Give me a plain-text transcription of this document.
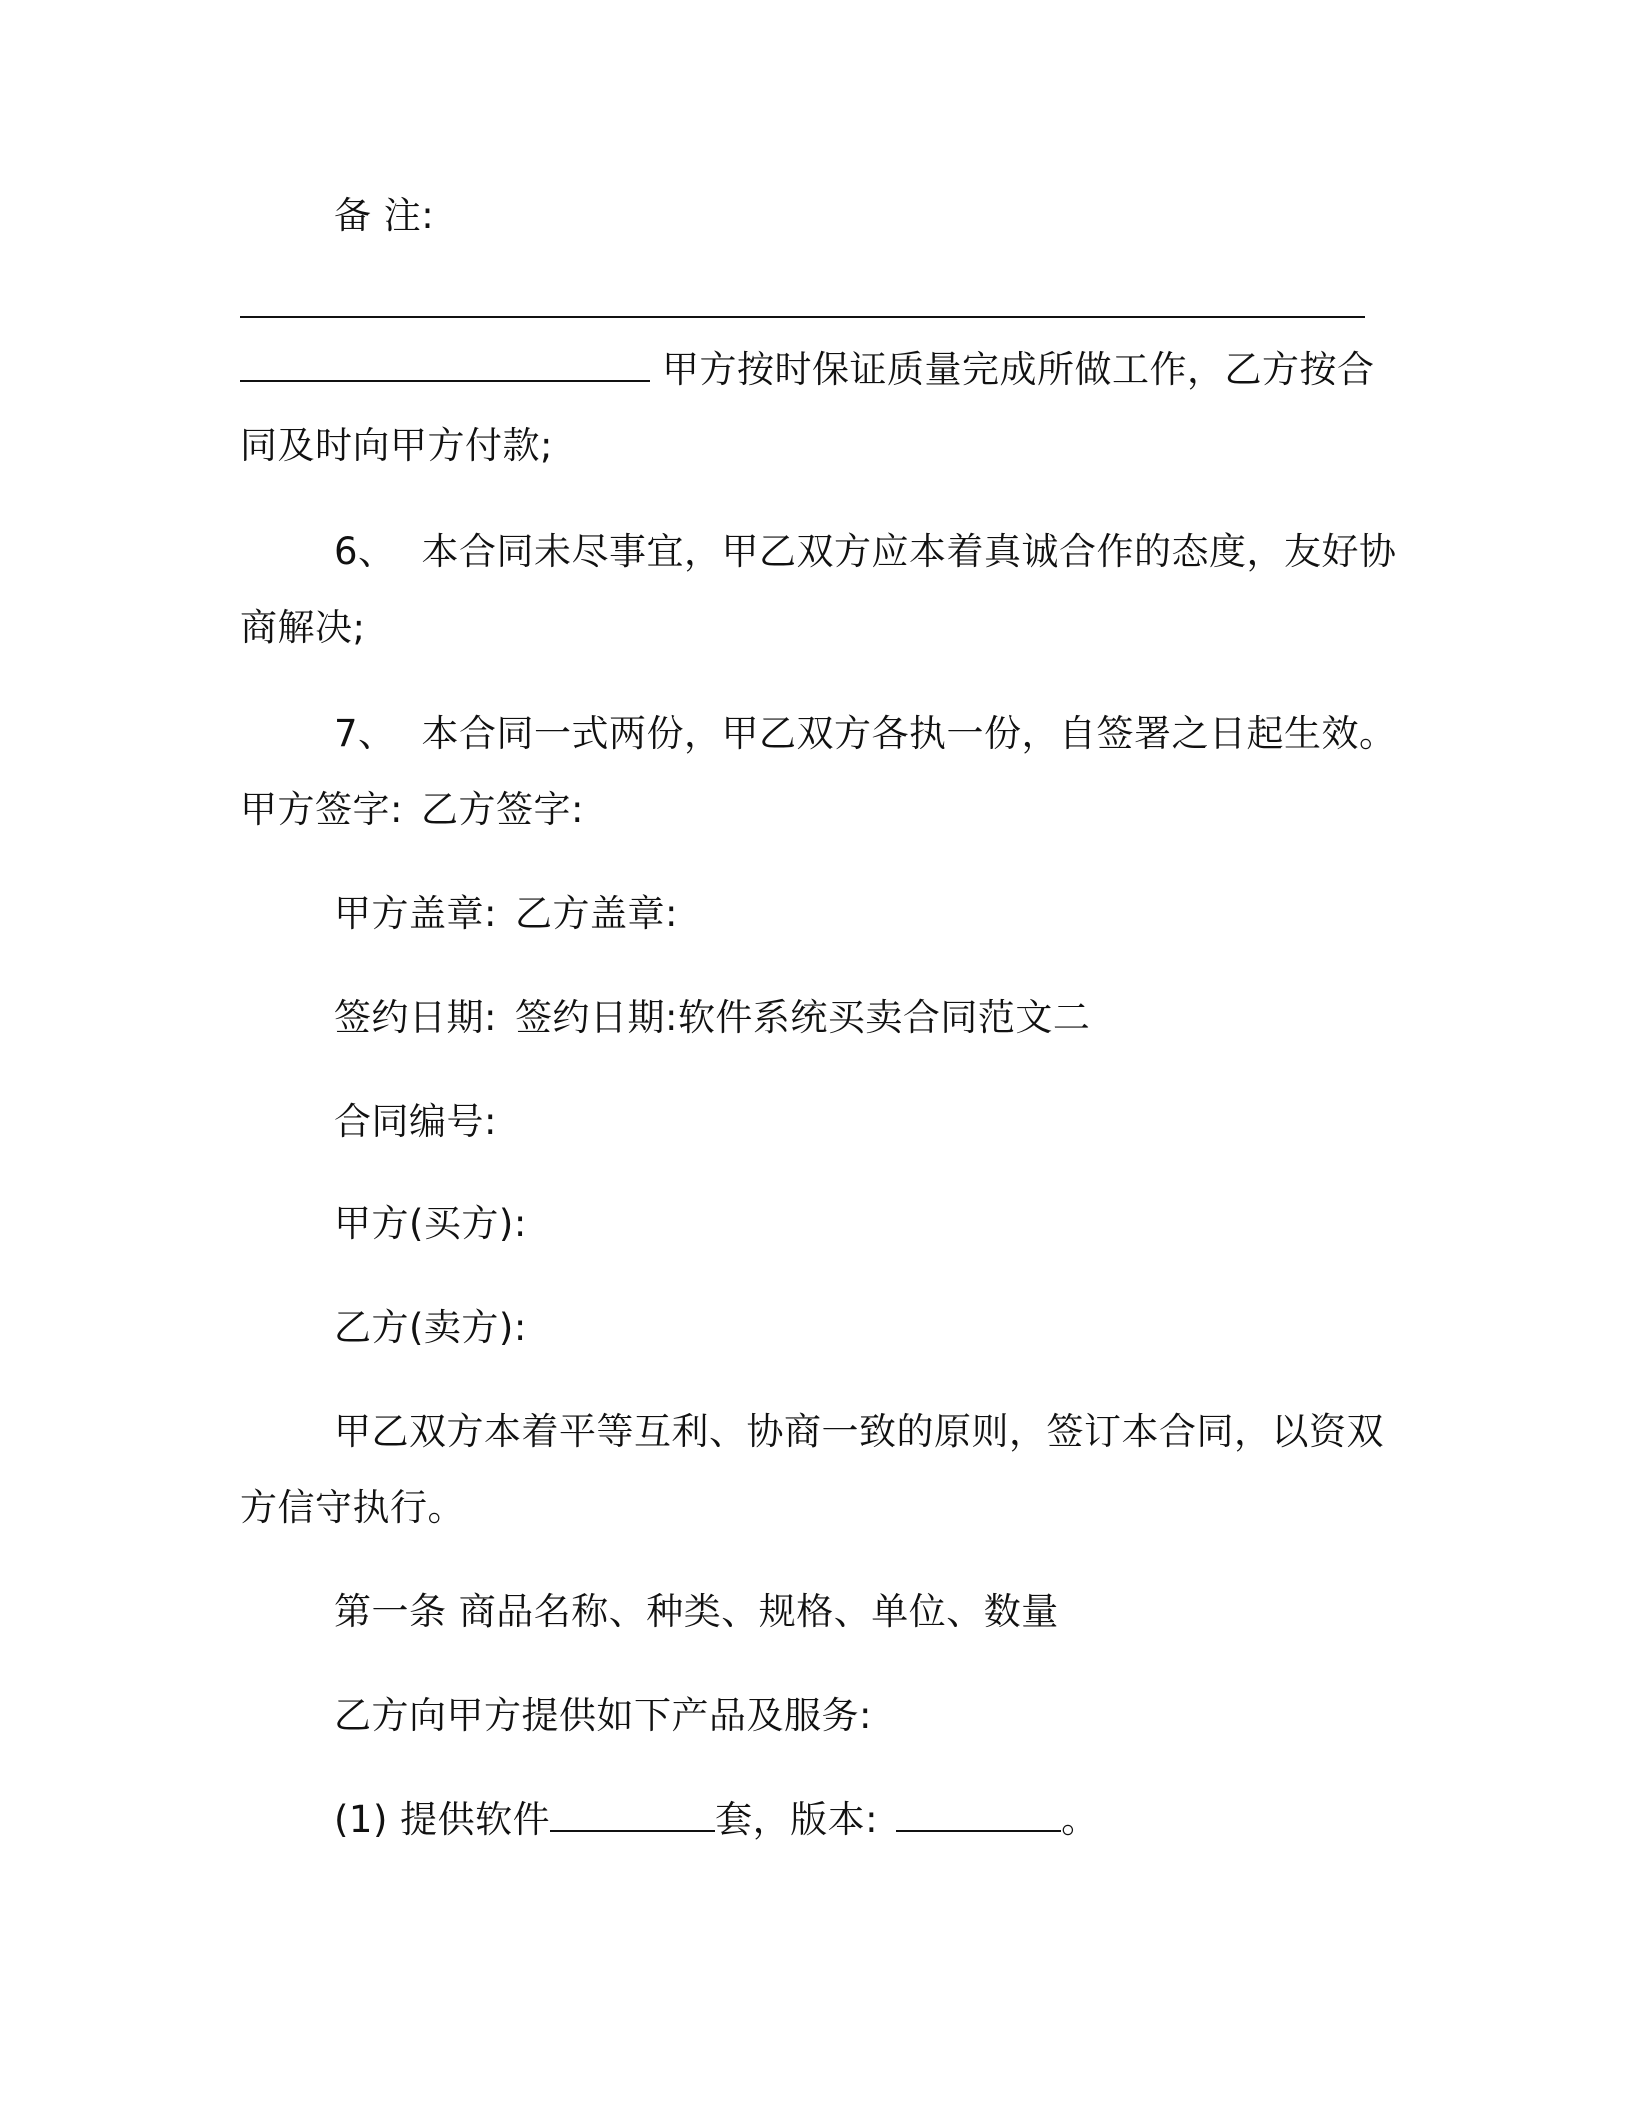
备 注:
甲方按时保证质量完成所做工作，乙方按合
同及时向甲方付款;
6、 本合同未尽事宜，甲乙双方应本着真诚合作的态度，友好协
商解决;
7、 本合同一式两份，甲乙双方各执一份，自签署之日起生效。
甲方签字: 乙方签字:
甲方盖章: 乙方盖章:
签约日期: 签约日期:软件系统买卖合同范文二
合同编号:
甲方(买方):
乙方(卖方):
甲乙双方本着平等互利、协商一致的原则，签订本合同，以资双
方信守执行。
第一条 商品名称、种类、规格、单位、数量
乙方向甲方提供如下产品及服务:
(1) 提供软件	套，版本:	。
